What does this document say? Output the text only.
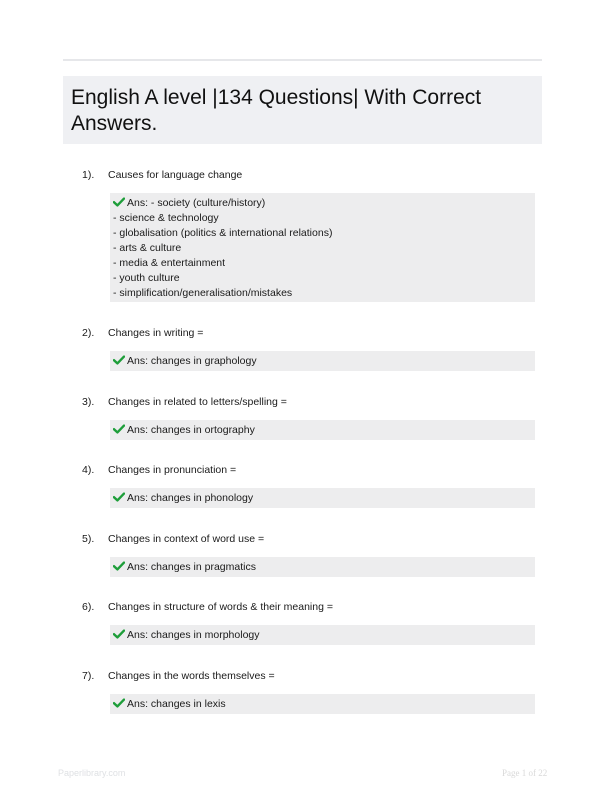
English A level |134 Questions| With Correct Answers.
1). Causes for language change
Ans: - society (culture/history)
- science & technology
- globalisation (politics & international relations)
- arts & culture
- media & entertainment
- youth culture
- simplification/generalisation/mistakes
2). Changes in writing =
Ans: changes in graphology
3). Changes in related to letters/spelling =
Ans: changes in ortography
4). Changes in pronunciation =
Ans: changes in phonology
5). Changes in context of word use =
Ans: changes in pragmatics
6). Changes in structure of words & their meaning =
Ans: changes in morphology
7). Changes in the words themselves =
Ans: changes in lexis
Paperlibrary.com	Page 1 of 22
